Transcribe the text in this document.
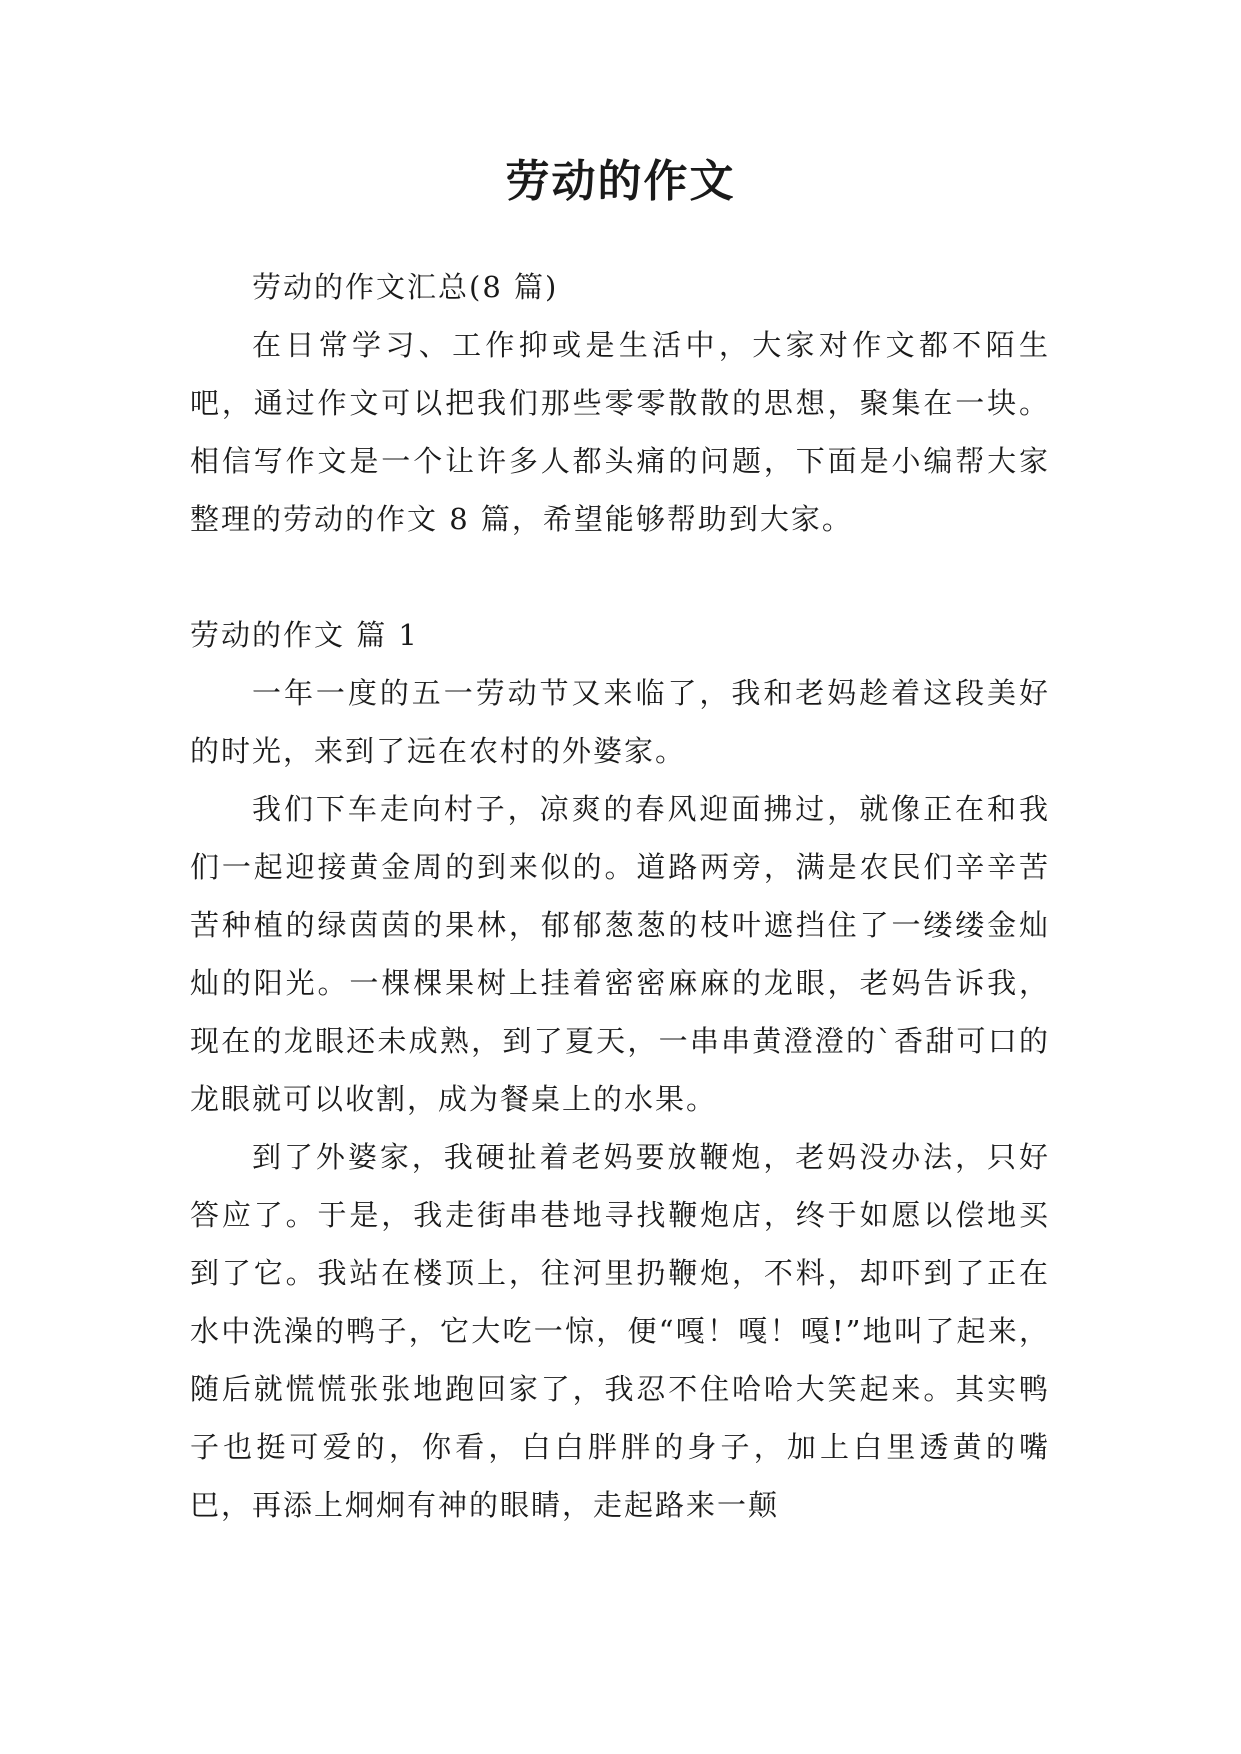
劳动的作文

劳动的作文汇总(8 篇)

在日常学习、工作抑或是生活中，大家对作文都不陌生吧，通过作文可以把我们那些零零散散的思想，聚集在一块。相信写作文是一个让许多人都头痛的问题，下面是小编帮大家整理的劳动的作文 8 篇，希望能够帮助到大家。

劳动的作文 篇 1

一年一度的五一劳动节又来临了，我和老妈趁着这段美好的时光，来到了远在农村的外婆家。

我们下车走向村子，凉爽的春风迎面拂过，就像正在和我们一起迎接黄金周的到来似的。道路两旁，满是农民们辛辛苦苦种植的绿茵茵的果林，郁郁葱葱的枝叶遮挡住了一缕缕金灿灿的阳光。一棵棵果树上挂着密密麻麻的龙眼，老妈告诉我，现在的龙眼还未成熟，到了夏天，一串串黄澄澄的`香甜可口的龙眼就可以收割，成为餐桌上的水果。

到了外婆家，我硬扯着老妈要放鞭炮，老妈没办法，只好答应了。于是，我走街串巷地寻找鞭炮店，终于如愿以偿地买到了它。我站在楼顶上，往河里扔鞭炮，不料，却吓到了正在水中洗澡的鸭子，它大吃一惊，便“嘎！嘎！嘎!”地叫了起来，随后就慌慌张张地跑回家了，我忍不住哈哈大笑起来。其实鸭子也挺可爱的，你看，白白胖胖的身子，加上白里透黄的嘴巴，再添上炯炯有神的眼睛，走起路来一颠
